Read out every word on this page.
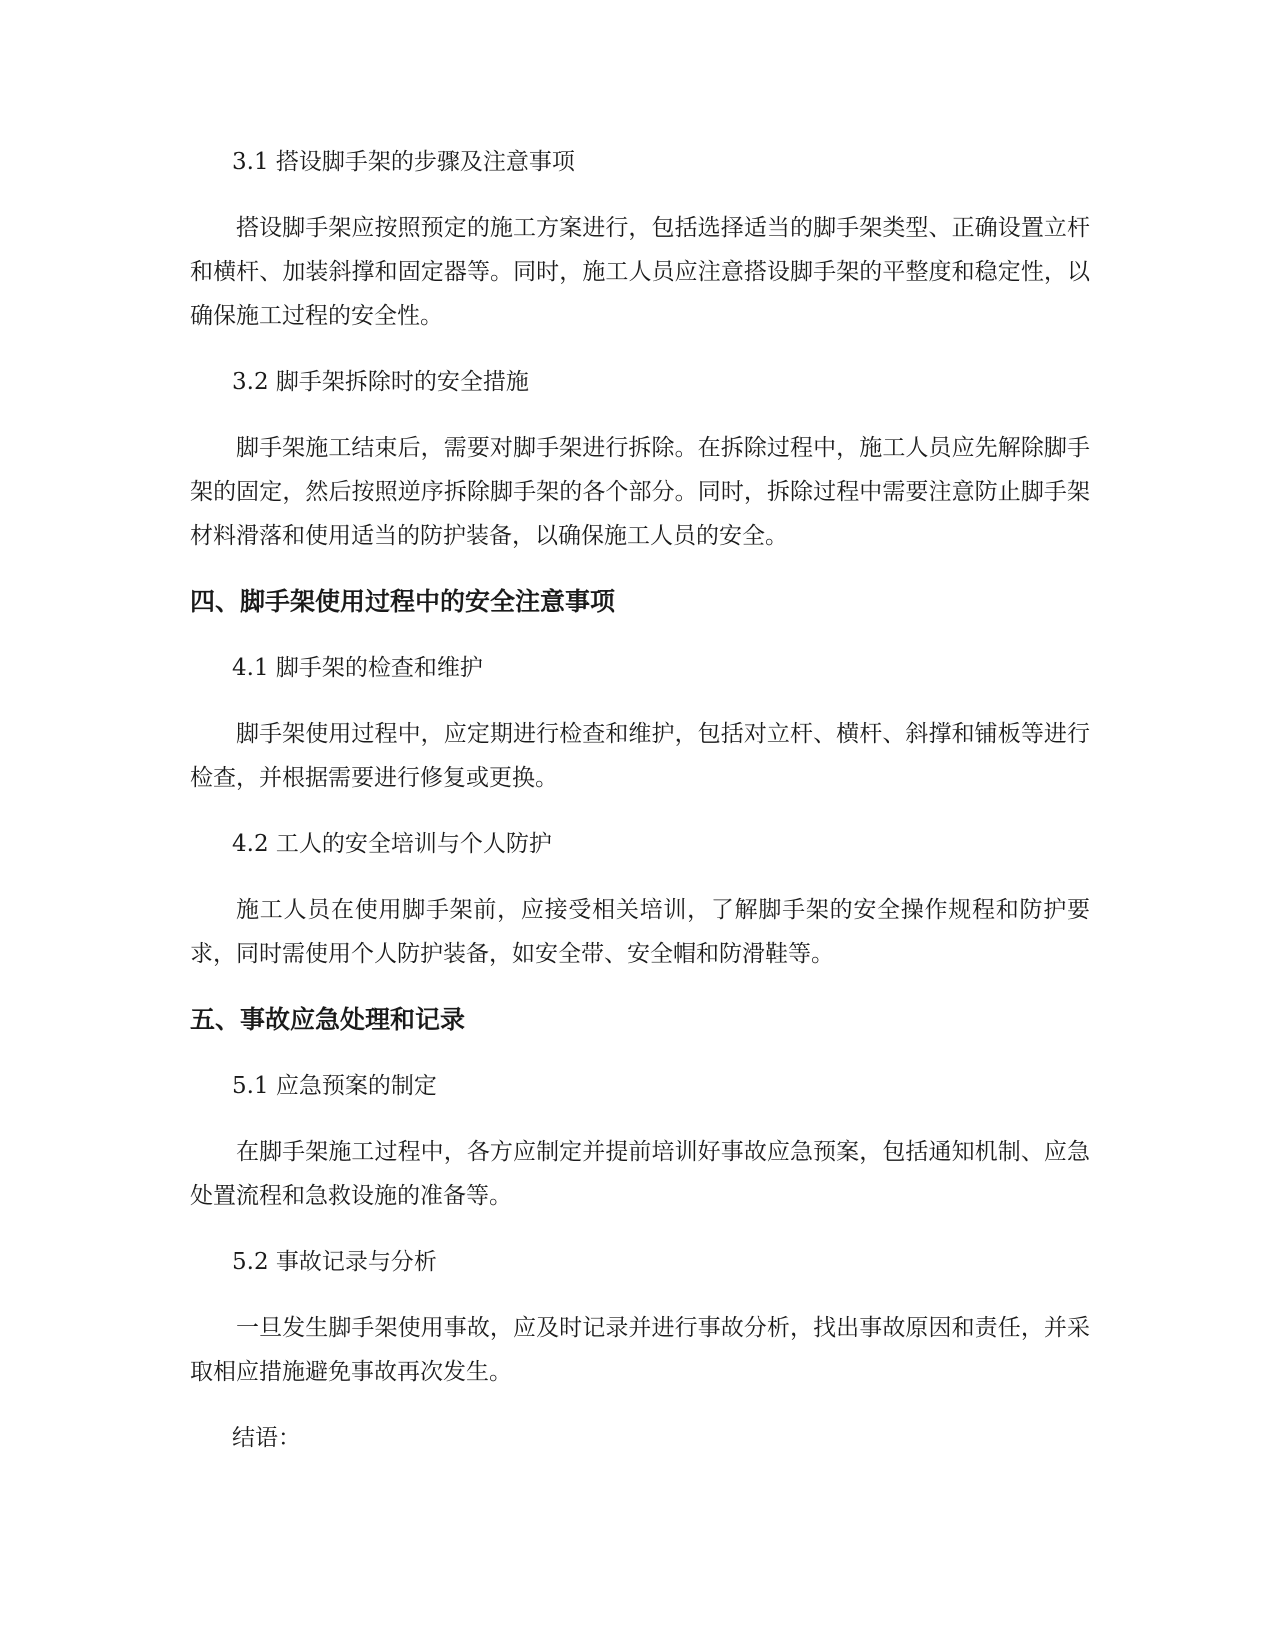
3.1 搭设脚手架的步骤及注意事项

搭设脚手架应按照预定的施工方案进行，包括选择适当的脚手架类型、正确设置立杆和横杆、加装斜撑和固定器等。同时，施工人员应注意搭设脚手架的平整度和稳定性，以确保施工过程的安全性。

3.2 脚手架拆除时的安全措施

脚手架施工结束后，需要对脚手架进行拆除。在拆除过程中，施工人员应先解除脚手架的固定，然后按照逆序拆除脚手架的各个部分。同时，拆除过程中需要注意防止脚手架材料滑落和使用适当的防护装备，以确保施工人员的安全。

四、脚手架使用过程中的安全注意事项

4.1 脚手架的检查和维护

脚手架使用过程中，应定期进行检查和维护，包括对立杆、横杆、斜撑和铺板等进行检查，并根据需要进行修复或更换。

4.2 工人的安全培训与个人防护

施工人员在使用脚手架前，应接受相关培训，了解脚手架的安全操作规程和防护要求，同时需使用个人防护装备，如安全带、安全帽和防滑鞋等。

五、事故应急处理和记录

5.1 应急预案的制定

在脚手架施工过程中，各方应制定并提前培训好事故应急预案，包括通知机制、应急处置流程和急救设施的准备等。

5.2 事故记录与分析

一旦发生脚手架使用事故，应及时记录并进行事故分析，找出事故原因和责任，并采取相应措施避免事故再次发生。

结语：
